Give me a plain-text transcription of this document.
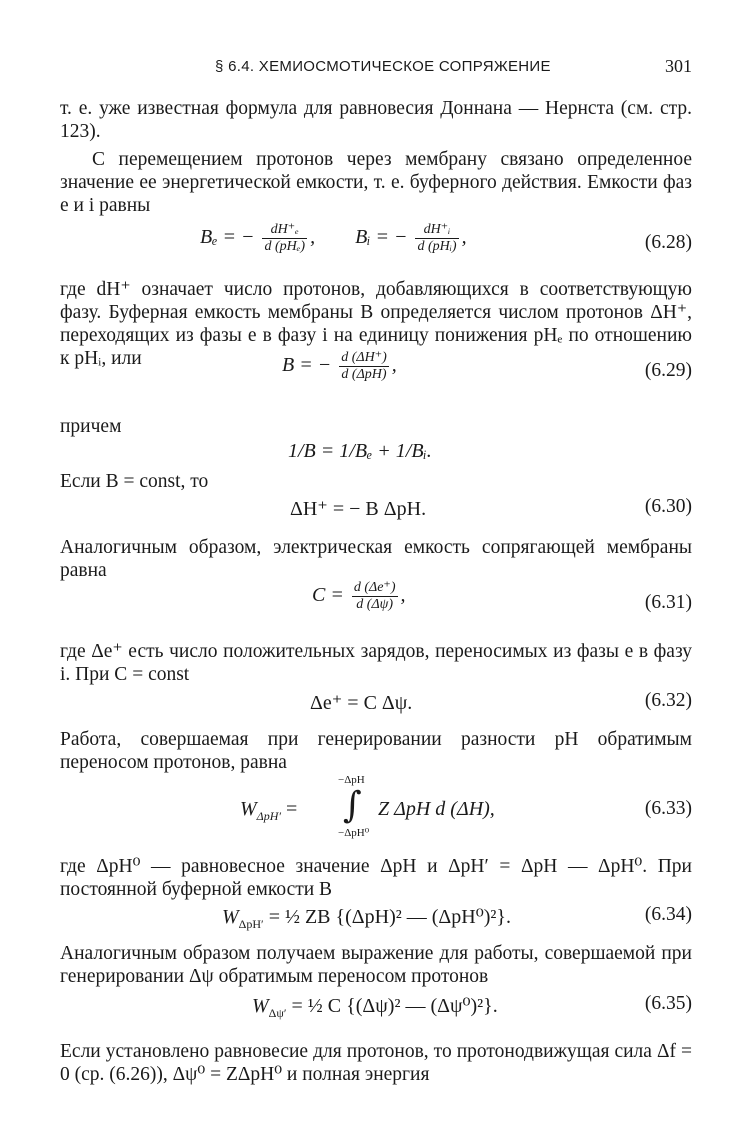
§ 6.4. ХЕМИОСМОТИЧЕСКОЕ СОПРЯЖЕНИЕ	301
т. е. уже известная формула для равновесия Доннана — Нернста (см. стр. 123).
С перемещением протонов через мембрану связано определенное значение ее энергетической емкости, т. е. буферного действия. Емкости фаз e и i равны
Bₑ = − $\frac{\text{dH⁺ₑ}}{\text{d (pHₑ)}}$ ,  Bᵢ = − $\frac{\text{dH⁺ᵢ}}{\text{d (pHᵢ)}}$ ,	(6.28)
где dH⁺ означает число протонов, добавляющихся в соответствующую фазу. Буферная емкость мембраны B определяется числом протонов ΔH⁺, переходящих из фазы e в фазу i на единицу понижения pHₑ по отношению к pHᵢ, или	B = − $\frac{d (\Delta H^+)}{\text{d (ΔpH)}}$ ,	(6.29)
причем
1/B = 1/Bₑ + 1/Bᵢ.
Если B = const, то
ΔH⁺ = − B ΔpH.	(6.30)
Аналогичным образом, электрическая емкость сопрягающей мембраны равна
$C = \frac{d (\Delta e^+)}{d (\Delta\psi)}$ ,	(6.31)
где Δe⁺ есть число положительных зарядов, переносимых из фазы e в фазу i. При C = const
Δe⁺ = C Δψ.	(6.32)
Работа, совершаемая при генерировании разности pH обратимым переносом протонов, равна
$W_{\Delta pH'}$ =
−ΔpH
∫
−ΔpH⁰
Z ΔpH d (ΔH),	(6.33)
где ΔpH⁰ — равновесное значение ΔpH и ΔpH′ = ΔpH — ΔpH⁰. При постоянной буферной емкости B
$W_{\Delta pH'}$ = ½ ZB {(ΔpH)² — (ΔpH⁰)²}.	(6.34)
Аналогичным образом получаем выражение для работы, совершаемой при генерировании Δψ обратимым переносом протонов
$W_{\Delta\psi'}$ = ½ C {(Δψ)² — (Δψ⁰)²}.	(6.35)
Если установлено равновесие для протонов, то протонодвижущая сила Δf = 0 (ср. (6.26)), Δψ⁰ = ZΔpH⁰ и полная энергия
